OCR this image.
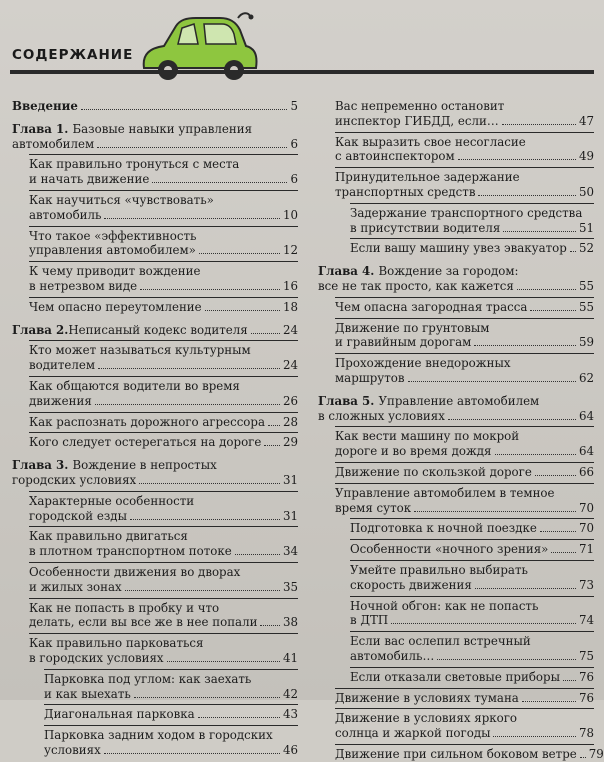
СОДЕРЖАНИЕ
Введение	5
Глава 1. Базовые навыки управления
автомобилем	6
Как правильно тронуться с места
и начать движение	6
Как научиться «чувствовать»
автомобиль	10
Что такое «эффективность
управления автомобилем»	12
К чему приводит вождение
в нетрезвом виде	16
Чем опасно переутомление	18
Глава 2. Неписаный кодекс водителя	24
Кто может называться культурным
водителем	24
Как общаются водители во время
движения	26
Как распознать дорожного агрессора 28
Кого следует остерегаться на дороге 29
Глава 3. Вождение в непростых
городских условиях	31
Характерные особенности
городской езды	31
Как правильно двигаться
в плотном транспортном потоке	34
Особенности движения во дворах
и жилых зонах	35
Как не попасть в пробку и что
делать, если вы все же в нее попали 38
Как правильно парковаться
в городских условиях	41
Парковка под углом: как заехать
и как выехать	42
Диагональная парковка	43
Парковка задним ходом в городских
условиях	46
Вас непременно остановит
инспектор ГИБДД, если…	47
Как выразить свое несогласие
с автоинспектором	49
Принудительное задержание
транспортных средств	50
Задержание транспортного средства
в присутствии водителя	51
Если вашу машину увез эвакуатор 52
Глава 4. Вождение за городом:
все не так просто, как кажется	55
Чем опасна загородная трасса	55
Движение по грунтовым
и гравийным дорогам	59
Прохождение внедорожных
маршрутов	62
Глава 5. Управление автомобилем
в сложных условиях	64
Как вести машину по мокрой
дороге и во время дождя	64
Движение по скользкой дороге	66
Управление автомобилем в темное
время суток	70
Подготовка к ночной поездке	70
Особенности «ночного зрения»	71
Умейте правильно выбирать
скорость движения	73
Ночной обгон: как не попасть
в ДТП	74
Если вас ослепил встречный
автомобиль…	75
Если отказали световые приборы 76
Движение в условиях тумана	76
Движение в условиях яркого
солнца и жаркой погоды	78
Движение при сильном боковом ветре 79
